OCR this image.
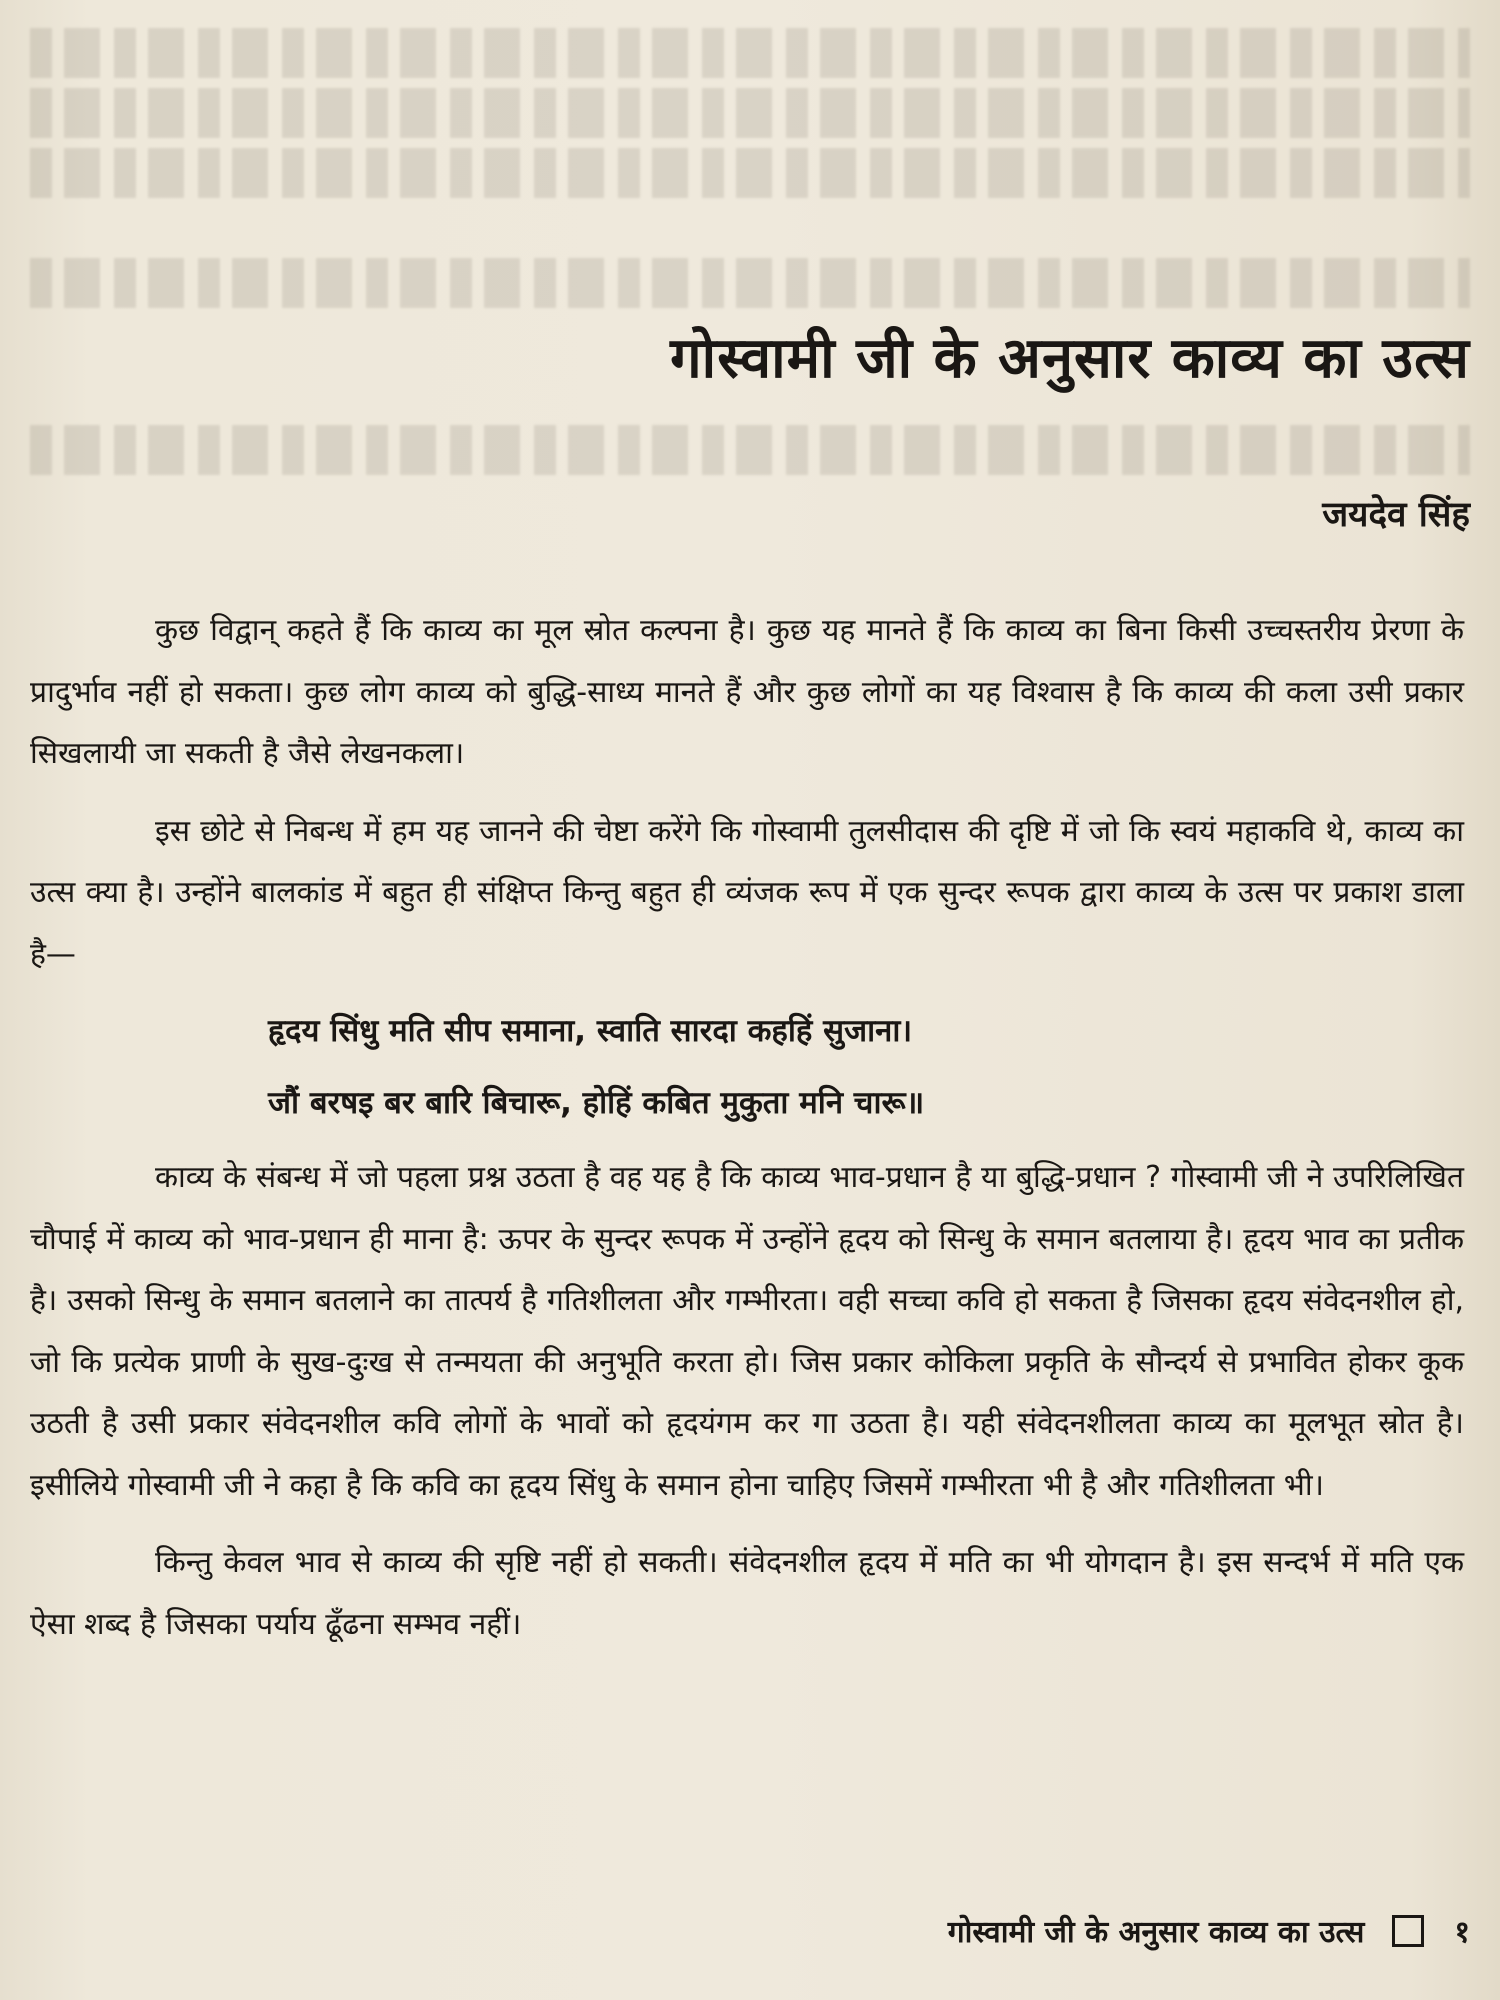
गोस्वामी जी के अनुसार काव्य का उत्स
जयदेव सिंह

कुछ विद्वान् कहते हैं कि काव्य का मूल स्रोत कल्पना है। कुछ यह मानते हैं कि काव्य का बिना किसी उच्चस्तरीय प्रेरणा के प्रादुर्भाव नहीं हो सकता। कुछ लोग काव्य को बुद्धि-साध्य मानते हैं और कुछ लोगों का यह विश्वास है कि काव्य की कला उसी प्रकार सिखलायी जा सकती है जैसे लेखनकला।

इस छोटे से निबन्ध में हम यह जानने की चेष्टा करेंगे कि गोस्वामी तुलसीदास की दृष्टि में जो कि स्वयं महाकवि थे, काव्य का उत्स क्या है। उन्होंने बालकांड में बहुत ही संक्षिप्त किन्तु बहुत ही व्यंजक रूप में एक सुन्दर रूपक द्वारा काव्य के उत्स पर प्रकाश डाला है—

हृदय सिंधु मति सीप समाना, स्वाति सारदा कहहिं सुजाना।
जौं बरषइ बर बारि बिचारू, होहिं कबित मुकुता मनि चारू॥

काव्य के संबन्ध में जो पहला प्रश्न उठता है वह यह है कि काव्य भाव-प्रधान है या बुद्धि-प्रधान ? गोस्वामी जी ने उपरिलिखित चौपाई में काव्य को भाव-प्रधान ही माना है: ऊपर के सुन्दर रूपक में उन्होंने हृदय को सिन्धु के समान बतलाया है। हृदय भाव का प्रतीक है। उसको सिन्धु के समान बतलाने का तात्पर्य है गतिशीलता और गम्भीरता। वही सच्चा कवि हो सकता है जिसका हृदय संवेदनशील हो, जो कि प्रत्येक प्राणी के सुख-दुःख से तन्मयता की अनुभूति करता हो। जिस प्रकार कोकिला प्रकृति के सौन्दर्य से प्रभावित होकर कूक उठती है उसी प्रकार संवेदनशील कवि लोगों के भावों को हृदयंगम कर गा उठता है। यही संवेदनशीलता काव्य का मूलभूत स्रोत है। इसीलिये गोस्वामी जी ने कहा है कि कवि का हृदय सिंधु के समान होना चाहिए जिसमें गम्भीरता भी है और गतिशीलता भी।

किन्तु केवल भाव से काव्य की सृष्टि नहीं हो सकती। संवेदनशील हृदय में मति का भी योगदान है। इस सन्दर्भ में मति एक ऐसा शब्द है जिसका पर्याय ढूँढना सम्भव नहीं।

गोस्वामी जी के अनुसार काव्य का उत्स	१
